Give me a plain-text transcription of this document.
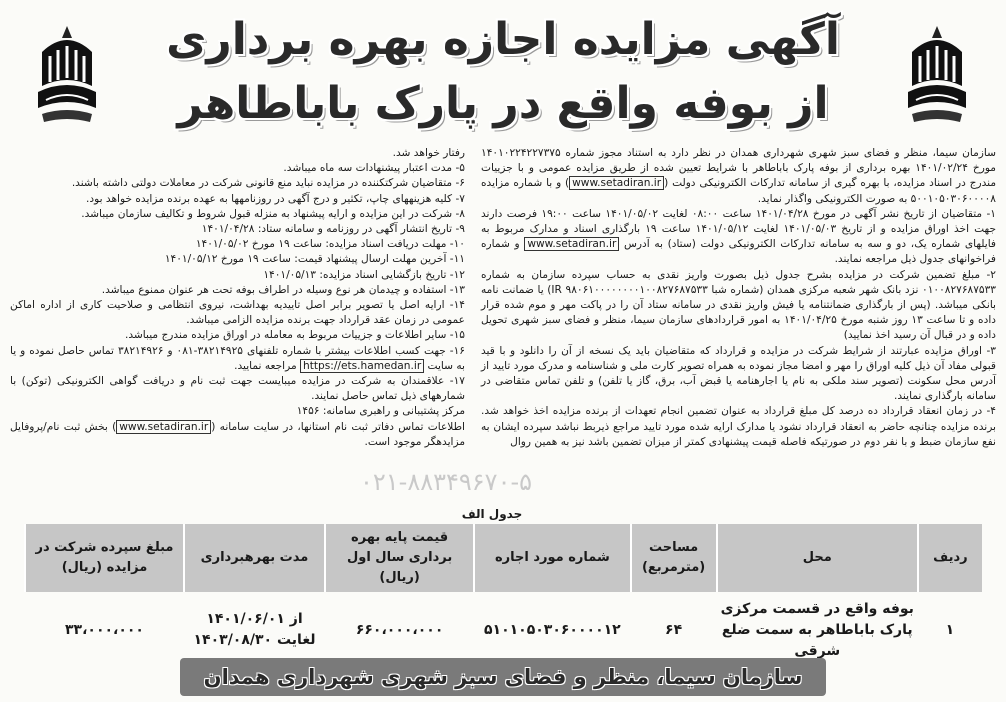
آگهی مزایده اجازه بهره برداری
از بوفه واقع در پارک باباطاهر

سازمان سیما، منظر و فضای سبز شهری شهرداری همدان در نظر دارد به استناد مجوز شماره ۱۴۰۱۰۲۲۴۲۲۷۳۷۵ مورخ ۱۴۰۱/۰۲/۲۴ بهره برداری از بوفه پارک باباطاهر با شرایط تعیین شده از طریق مزایده عمومی و با جزییات مندرج در اسناد مزایده، با بهره گیری از سامانه تدارکات الکترونیکی دولت (www.setadiran.ir) و با شماره مزایده ۵۰۰۱۰۵۰۳۰۶۰۰۰۰۸ به صورت الکترونیکی واگذار نماید.

۱- متقاضیان از تاریخ نشر آگهی در مورخ ۱۴۰۱/۰۴/۲۸ ساعت ۰۸:۰۰ لغایت ۱۴۰۱/۰۵/۰۲ ساعت ۱۹:۰۰ فرصت دارند جهت اخذ اوراق مزایده و از تاریخ ۱۴۰۱/۰۵/۰۳ لغایت ۱۴۰۱/۰۵/۱۲ ساعت ۱۹ بارگذاری اسناد و مدارک مربوط به فایلهای شماره یک، دو و سه به سامانه تدارکات الکترونیکی دولت (ستاد) به آدرس www.setadiran.ir و شماره فراخوانهای جدول ذیل مراجعه نمایند.

۲- مبلغ تضمین شرکت در مزایده بشرح جدول ذیل بصورت واریز نقدی به حساب سپرده سازمان به شماره ۰۱۰۰۸۲۷۶۸۷۵۳۳ نزد بانک شهر شعبه مرکزی همدان (شماره شبا IR ۹۸۰۶۱۰۰۰۰۰۰۰۰۱۰۰۸۲۷۶۸۷۵۳۳) یا ضمانت نامه بانکی میباشد. (پس از بارگذاری ضمانتنامه یا فیش واریز نقدی در سامانه ستاد آن را در پاکت مهر و موم شده قرار داده و تا ساعت ۱۳ روز شنبه مورخ ۱۴۰۱/۰۴/۲۵ به امور قراردادهای سازمان سیما، منظر و فضای سبز شهری تحویل داده و در قبال آن رسید اخذ نمایید)

۳- اوراق مزایده عبارتند از شرایط شرکت در مزایده و قرارداد که متقاضیان باید یک نسخه از آن را دانلود و با قید قبولی مفاد آن ذیل کلیه اوراق را مهر و امضا مجاز نموده به همراه تصویر کارت ملی و شناسنامه و مدرک مورد تایید از آدرس محل سکونت (تصویر سند ملکی به نام یا اجارهنامه یا قبض آب، برق، گاز یا تلفن) و تلفن تماس متقاضی در سامانه بارگذاری نمایند.

۴- در زمان انعقاد قرارداد ده درصد کل مبلغ قرارداد به عنوان تضمین انجام تعهدات از برنده مزایده اخذ خواهد شد. برنده مزایده چنانچه حاضر به انعقاد قرارداد نشود یا مدارک ارایه شده مورد تایید مراجع ذیربط نباشد سپرده ایشان به نفع سازمان ضبط و با نفر دوم در صورتیکه فاصله قیمت پیشنهادی کمتر از میزان تضمین باشد نیز به همین روال

رفتار خواهد شد.

۵- مدت اعتبار پیشنهادات سه ماه میباشد.

۶- متقاضیان شرکتکننده در مزایده نباید منع قانونی شرکت در معاملات دولتی داشته باشند.

۷- کلیه هزینههای چاپ، تکثیر و درج آگهی در روزنامهها به عهده برنده مزایده خواهد بود.

۸- شرکت در این مزایده و ارایه پیشنهاد به منزله قبول شروط و تکالیف سازمان میباشد.

۹- تاریخ انتشار آگهی در روزنامه و سامانه ستاد: ۱۴۰۱/۰۴/۲۸

۱۰- مهلت دریافت اسناد مزایده: ساعت ۱۹ مورخ ۱۴۰۱/۰۵/۰۲

۱۱- آخرین مهلت ارسال پیشنهاد قیمت: ساعت ۱۹ مورخ ۱۴۰۱/۰۵/۱۲

۱۲- تاریخ بازگشایی اسناد مزایده: ۱۴۰۱/۰۵/۱۳

۱۳- استفاده و چیدمان هر نوع وسیله در اطراف بوفه تحت هر عنوان ممنوع میباشد.

۱۴- ارایه اصل یا تصویر برابر اصل تاییدیه بهداشت، نیروی انتظامی و صلاحیت کاری از اداره اماکن عمومی در زمان عقد قرارداد جهت برنده مزایده الزامی میباشد.

۱۵- سایر اطلاعات و جزییات مربوط به معامله در اوراق مزایده مندرج میباشد.

۱۶- جهت کسب اطلاعات بیشتر با شماره تلفنهای ۳۸۲۱۴۹۲۵-۰۸۱ و ۳۸۲۱۴۹۲۶ تماس حاصل نموده و یا به سایت https://ets.hamedan.ir مراجعه نمایید.

۱۷- علاقمندان به شرکت در مزایده میبایست جهت ثبت نام و دریافت گواهی الکترونیکی (توکن) با شمارههای ذیل تماس حاصل نمایند.

مرکز پشتیبانی و راهبری سامانه: ۱۴۵۶

اطلاعات تماس دفاتر ثبت نام استانها، در سایت سامانه (www.setadiran.ir) بخش ثبت نام/پروفایل مزایدهگر موجود است.

۰۲۱-۸۸۳۴۹۶۷۰-۵
جدول الف
ردیف	محل	مساحت (مترمربع)	شماره مورد اجاره	قیمت پایه بهره برداری سال اول (ریال)	مدت بهرهبرداری	مبلغ سپرده شرکت در مزایده (ریال)
۱	بوفه واقع در قسمت مرکزی پارک باباطاهر به سمت ضلع شرقی	۶۴	۵۱۰۱۰۵۰۳۰۶۰۰۰۰۱۲	۶۶۰،۰۰۰،۰۰۰	از ۱۴۰۱/۰۶/۰۱ لغایت ۱۴۰۳/۰۸/۳۰	۳۳،۰۰۰،۰۰۰
سازمان سیما، منظر و فضای سبز شهری شهرداری همدان
